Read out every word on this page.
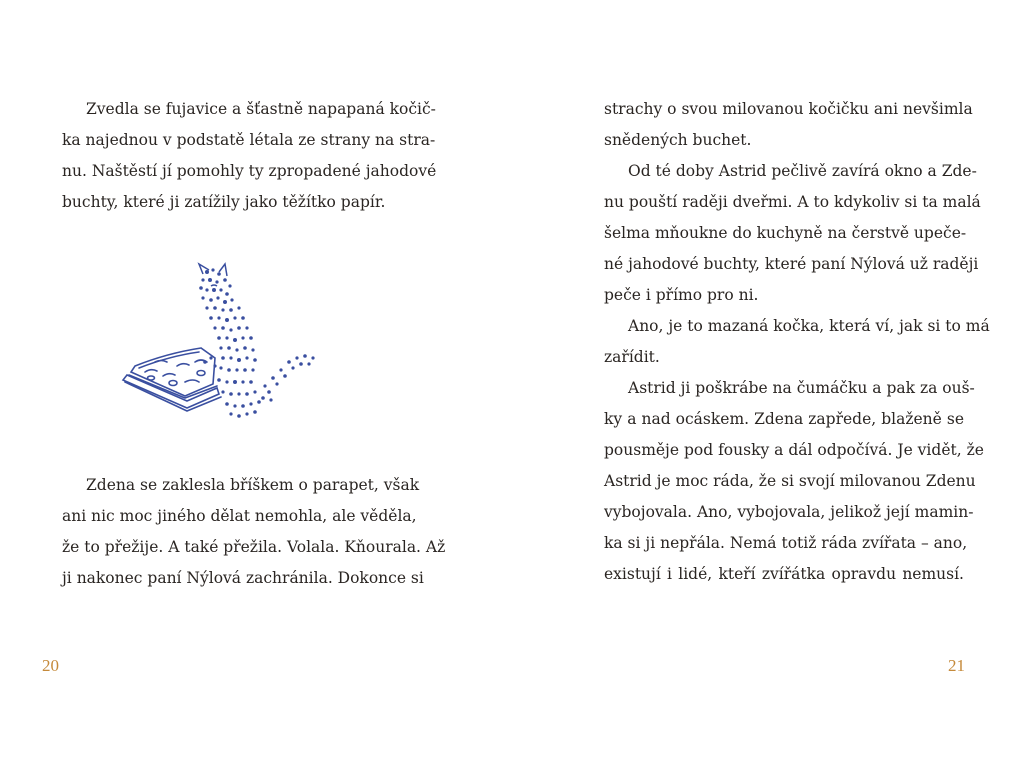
Zvedla se fujavice a šťastně napapaná kočič-
ka najednou v podstatě létala ze strany na stra-
nu. Naštěstí jí pomohly ty zpropadené jahodové
buchty, které ji zatížily jako těžítko papír.
Zdena se zaklesla bříškem o parapet, však
ani nic moc jiného dělat nemohla, ale věděla,
že to přežije. A také přežila. Volala. Kňourala. Až
ji nakonec paní Nýlová zachránila. Dokonce si
20
strachy o svou milovanou kočičku ani nevšimla
snědených buchet.
Od té doby Astrid pečlivě zavírá okno a Zde-
nu pouští raději dveřmi. A to kdykoliv si ta malá
šelma mňoukne do kuchyně na čerstvě upeče-
né jahodové buchty, které paní Nýlová už raději
peče i přímo pro ni.
Ano, je to mazaná kočka, která ví, jak si to má
zařídit.
Astrid ji poškrábe na čumáčku a pak za ouš-
ky a nad ocáskem. Zdena zapřede, blaženě se
pousměje pod fousky a dál odpočívá. Je vidět, že
Astrid je moc ráda, že si svojí milovanou Zdenu
vybojovala. Ano, vybojovala, jelikož její mamin-
ka si ji nepřála. Nemá totiž ráda zvířata – ano,
existují i lidé, kteří zvířátka opravdu nemusí.
21
